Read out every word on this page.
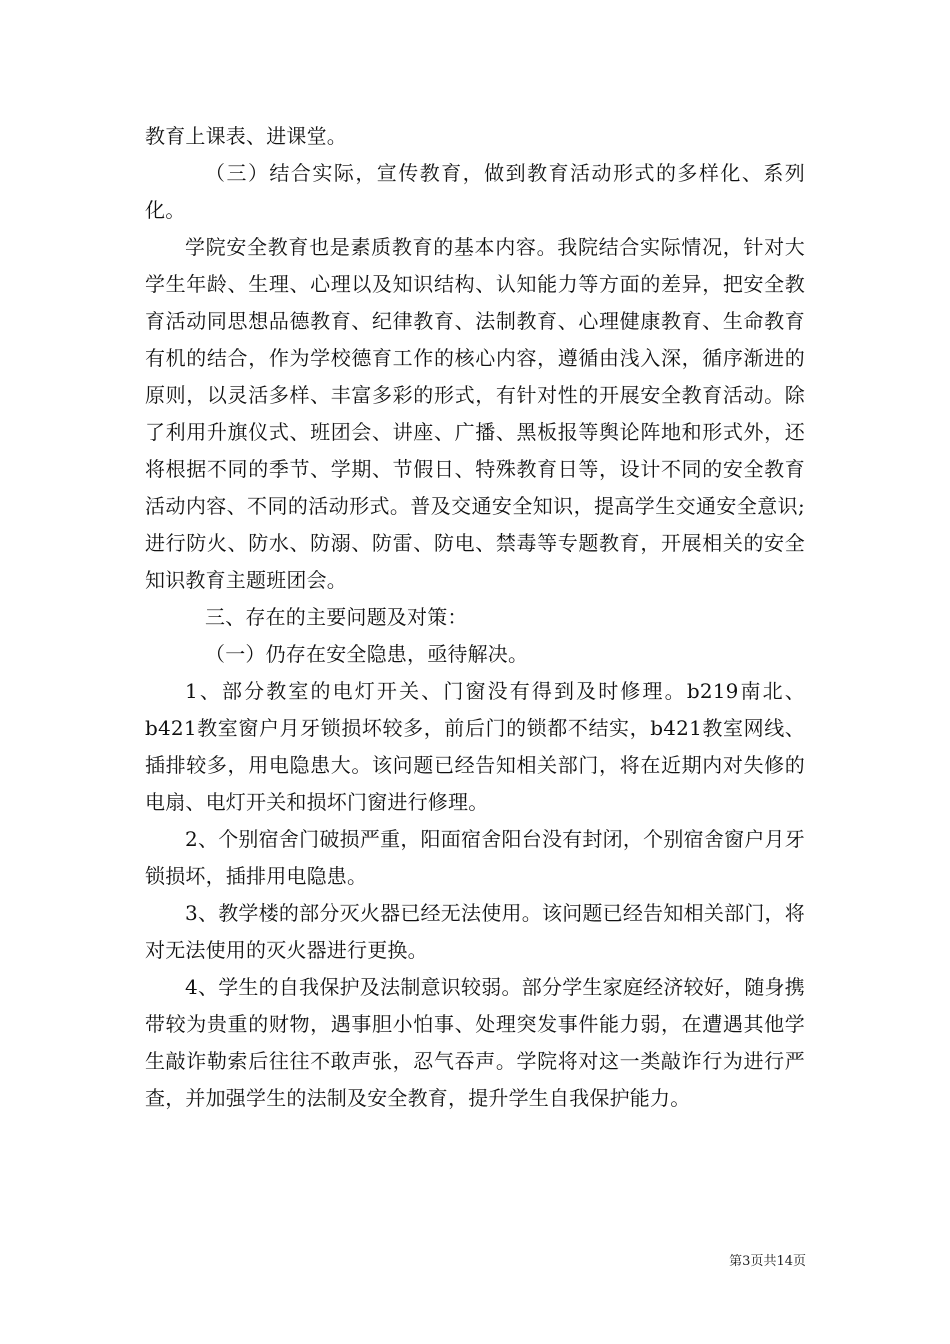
教育上课表、进课堂。

（三）结合实际，宣传教育，做到教育活动形式的多样化、系列化。

学院安全教育也是素质教育的基本内容。我院结合实际情况，针对大学生年龄、生理、心理以及知识结构、认知能力等方面的差异，把安全教育活动同思想品德教育、纪律教育、法制教育、心理健康教育、生命教育有机的结合，作为学校德育工作的核心内容，遵循由浅入深，循序渐进的原则，以灵活多样、丰富多彩的形式，有针对性的开展安全教育活动。除了利用升旗仪式、班团会、讲座、广播、黑板报等舆论阵地和形式外，还将根据不同的季节、学期、节假日、特殊教育日等，设计不同的安全教育活动内容、不同的活动形式。普及交通安全知识，提高学生交通安全意识;进行防火、防水、防溺、防雷、防电、禁毒等专题教育，开展相关的安全知识教育主题班团会。

三、存在的主要问题及对策：

（一）仍存在安全隐患，亟待解决。

1、部分教室的电灯开关、门窗没有得到及时修理。b219南北、b421教室窗户月牙锁损坏较多，前后门的锁都不结实，b421教室网线、插排较多，用电隐患大。该问题已经告知相关部门，将在近期内对失修的电扇、电灯开关和损坏门窗进行修理。

2、个别宿舍门破损严重，阳面宿舍阳台没有封闭，个别宿舍窗户月牙锁损坏，插排用电隐患。

3、教学楼的部分灭火器已经无法使用。该问题已经告知相关部门，将对无法使用的灭火器进行更换。

4、学生的自我保护及法制意识较弱。部分学生家庭经济较好，随身携带较为贵重的财物，遇事胆小怕事、处理突发事件能力弱，在遭遇其他学生敲诈勒索后往往不敢声张，忍气吞声。学院将对这一类敲诈行为进行严查，并加强学生的法制及安全教育，提升学生自我保护能力。

第3页共14页
